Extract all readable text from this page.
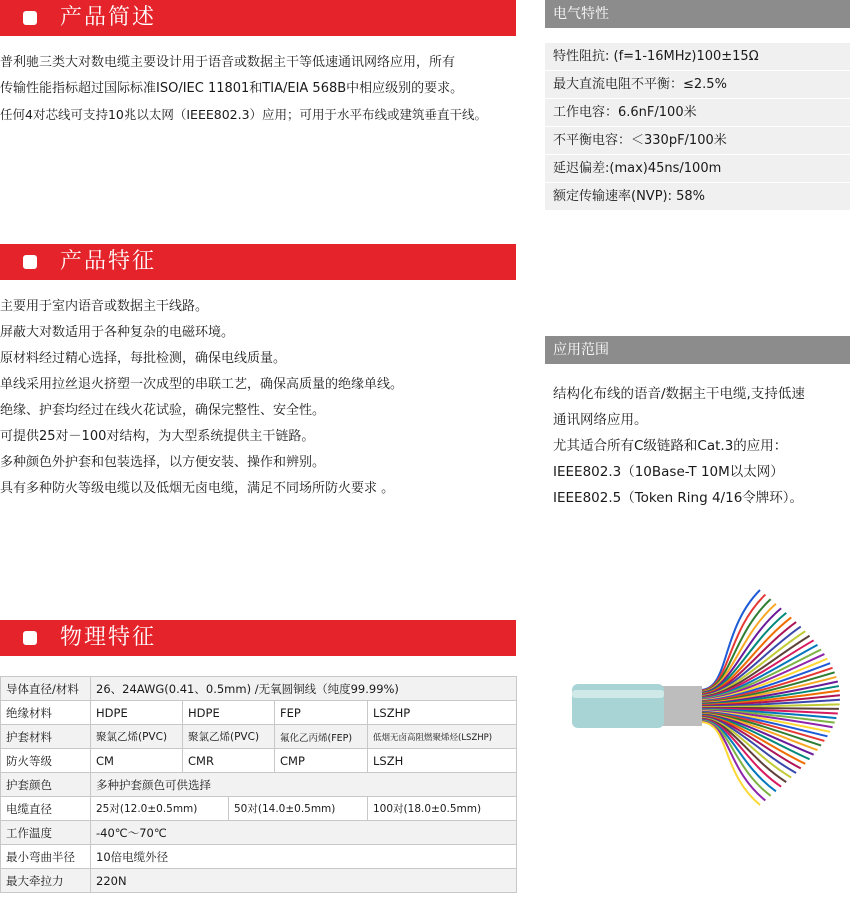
产品简述
普利驰三类大对数电缆主要设计用于语音或数据主干等低速通讯网络应用，所有
传输性能指标超过国际标准ISO/IEC 11801和TIA/EIA 568B中相应级别的要求。
任何4对芯线可支持10兆以太网（IEEE802.3）应用；可用于水平布线或建筑垂直干线。
电气特性
特性阻抗: (f=1-16MHz)100±15Ω
最大直流电阻不平衡：≤2.5%
工作电容：6.6nF/100米
不平衡电容：＜330pF/100米
延迟偏差:(max)45ns/100m
额定传输速率(NVP): 58%
产品特征
主要用于室内语音或数据主干线路。
屏蔽大对数适用于各种复杂的电磁环境。
原材料经过精心选择，每批检测，确保电线质量。
单线采用拉丝退火挤塑一次成型的串联工艺，确保高质量的绝缘单线。
绝缘、护套均经过在线火花试验，确保完整性、安全性。
可提供25对－100对结构，为大型系统提供主干链路。
多种颜色外护套和包装选择，以方便安装、操作和辨别。
具有多种防火等级电缆以及低烟无卤电缆，满足不同场所防火要求 。
应用范围
结构化布线的语音/数据主干电缆,支持低速
通讯网络应用。
尤其适合所有C级链路和Cat.3的应用：
IEEE802.3（10Base-T 10M以太网）
IEEE802.5（Token Ring 4/16令牌环）。
物理特征
导体直径/材料	26、24AWG(0.41、0.5mm) /无氧圆铜线（纯度99.99%)				
绝缘材料	HDPE	HDPE		FEP	LSZHP
护套材料	聚氯乙烯(PVC)	聚氯乙烯(PVC)		氟化乙丙烯(FEP)	低烟无卤高阻燃聚烯烃(LSZHP)
防火等级	CM	CMR		CMP	LSZH
护套颜色	多种护套颜色可供选择				
电缆直径	25对(12.0±0.5mm)		50对(14.0±0.5mm)		100对(18.0±0.5mm)
工作温度	-40℃～70℃				
最小弯曲半径	10倍电缆外径				
最大牵拉力	220N				
